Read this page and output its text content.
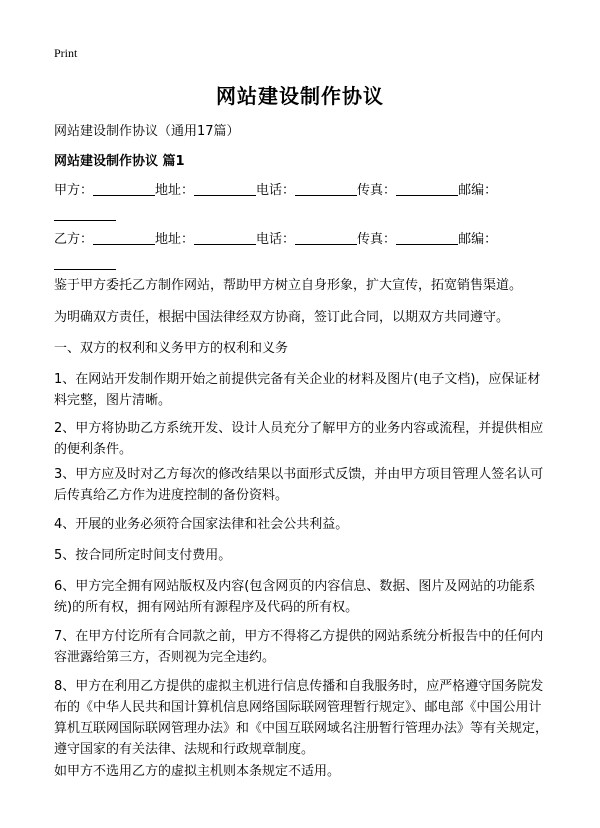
Print
网站建设制作协议
网站建设制作协议（通用17篇）
网站建设制作协议 篇1
甲方：	地址：	电话：	传真：	邮编：

乙方：	地址：	电话：	传真：	邮编：

鉴于甲方委托乙方制作网站，帮助甲方树立自身形象，扩大宣传，拓宽销售渠道。
为明确双方责任，根据中国法律经双方协商，签订此合同，以期双方共同遵守。
一、双方的权利和义务甲方的权利和义务
1、在网站开发制作期开始之前提供完备有关企业的材料及图片(电子文档)，应保证材料完整，图片清晰。
2、甲方将协助乙方系统开发、设计人员充分了解甲方的业务内容或流程，并提供相应的便利条件。
3、甲方应及时对乙方每次的修改结果以书面形式反馈，并由甲方项目管理人签名认可后传真给乙方作为进度控制的备份资料。
4、开展的业务必须符合国家法律和社会公共利益。
5、按合同所定时间支付费用。
6、甲方完全拥有网站版权及内容(包含网页的内容信息、数据、图片及网站的功能系统)的所有权，拥有网站所有源程序及代码的所有权。
7、在甲方付讫所有合同款之前，甲方不得将乙方提供的网站系统分析报告中的任何内容泄露给第三方，否则视为完全违约。
8、甲方在利用乙方提供的虚拟主机进行信息传播和自我服务时，应严格遵守国务院发布的《中华人民共和国计算机信息网络国际联网管理暂行规定》、邮电部《中国公用计算机互联网国际联网管理办法》和《中国互联网域名注册暂行管理办法》等有关规定，遵守国家的有关法律、法规和行政规章制度。
如甲方不选用乙方的虚拟主机则本条规定不适用。
